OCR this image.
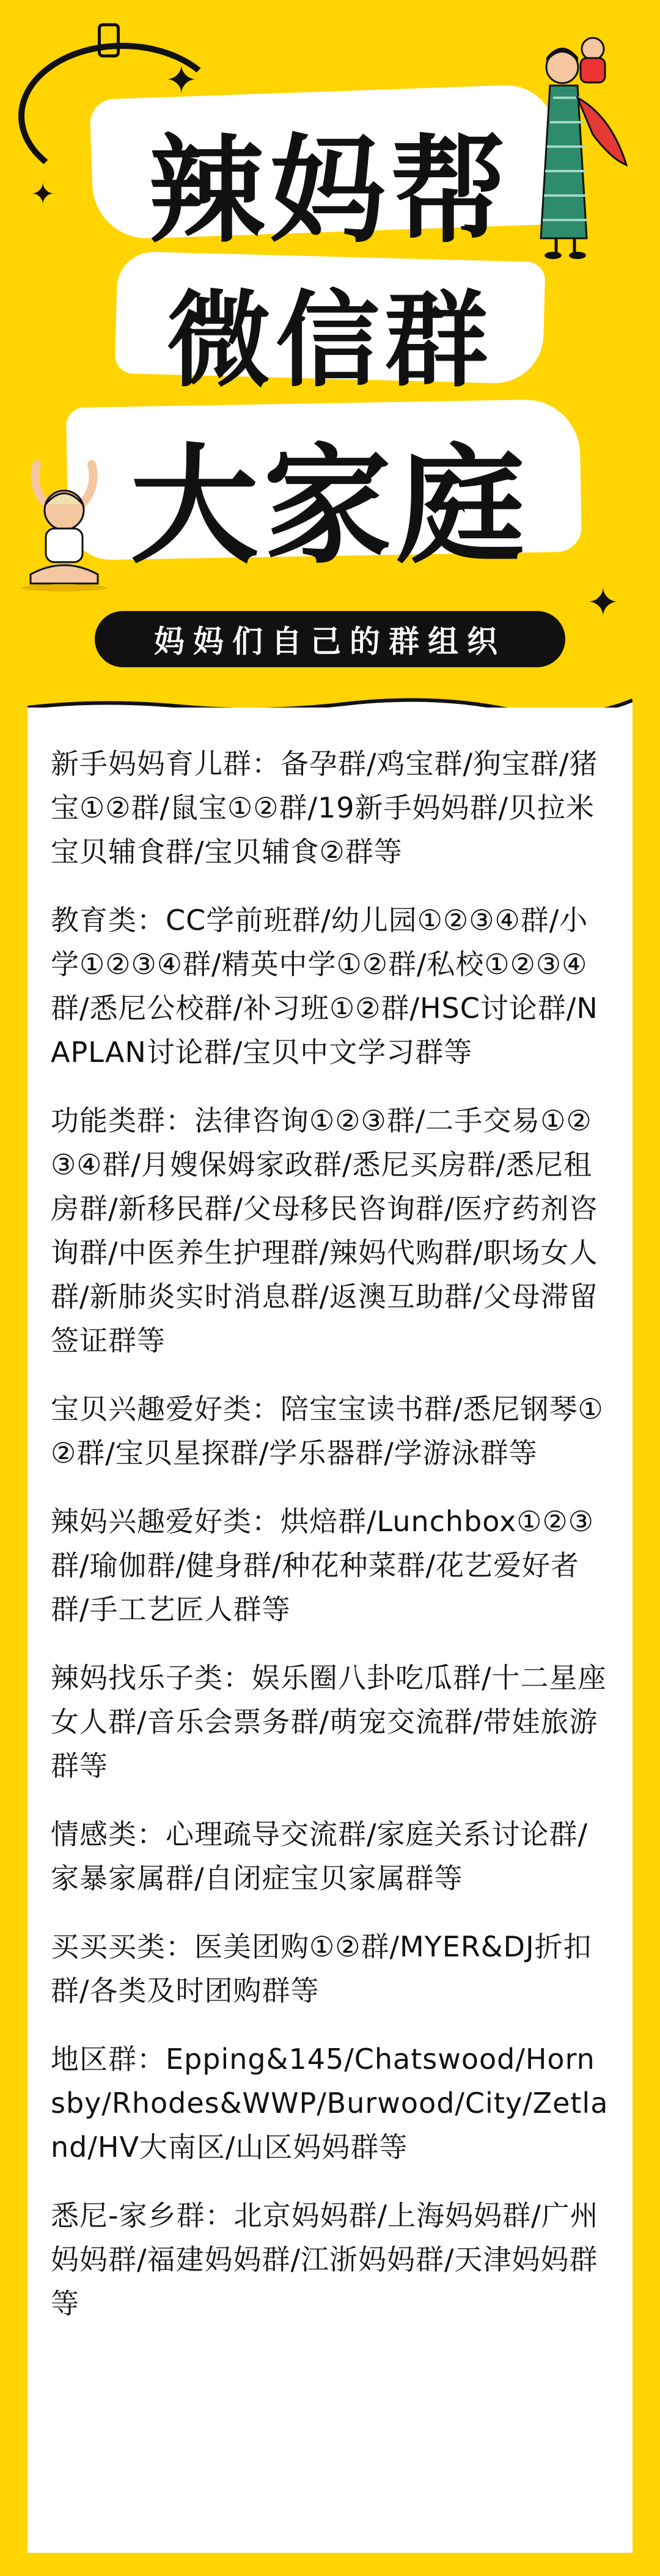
✦
✦
✦
辣妈帮
微信群
大家庭
妈妈们自己的群组织
新手妈妈育儿群：备孕群/鸡宝群/狗宝群/猪宝①②群/鼠宝①②群/19新手妈妈群/贝拉米宝贝辅食群/宝贝辅食②群等
教育类：CC学前班群/幼儿园①②③④群/小学①②③④群/精英中学①②群/私校①②③④群/悉尼公校群/补习班①②群/HSC讨论群/NAPLAN讨论群/宝贝中文学习群等
功能类群：法律咨询①②③群/二手交易①②③④群/月嫂保姆家政群/悉尼买房群/悉尼租房群/新移民群/父母移民咨询群/医疗药剂咨询群/中医养生护理群/辣妈代购群/职场女人群/新肺炎实时消息群/返澳互助群/父母滞留签证群等
宝贝兴趣爱好类：陪宝宝读书群/悉尼钢琴①②群/宝贝星探群/学乐器群/学游泳群等
辣妈兴趣爱好类：烘焙群/Lunchbox①②③群/瑜伽群/健身群/种花种菜群/花艺爱好者群/手工艺匠人群等
辣妈找乐子类：娱乐圈八卦吃瓜群/十二星座女人群/音乐会票务群/萌宠交流群/带娃旅游群等
情感类：心理疏导交流群/家庭关系讨论群/家暴家属群/自闭症宝贝家属群等
买买买类：医美团购①②群/MYER&DJ折扣群/各类及时团购群等
地区群：Epping&145/Chatswood/Hornsby/Rhodes&WWP/Burwood/City/Zetland/HV大南区/山区妈妈群等
悉尼-家乡群：北京妈妈群/上海妈妈群/广州妈妈群/福建妈妈群/江浙妈妈群/天津妈妈群等
